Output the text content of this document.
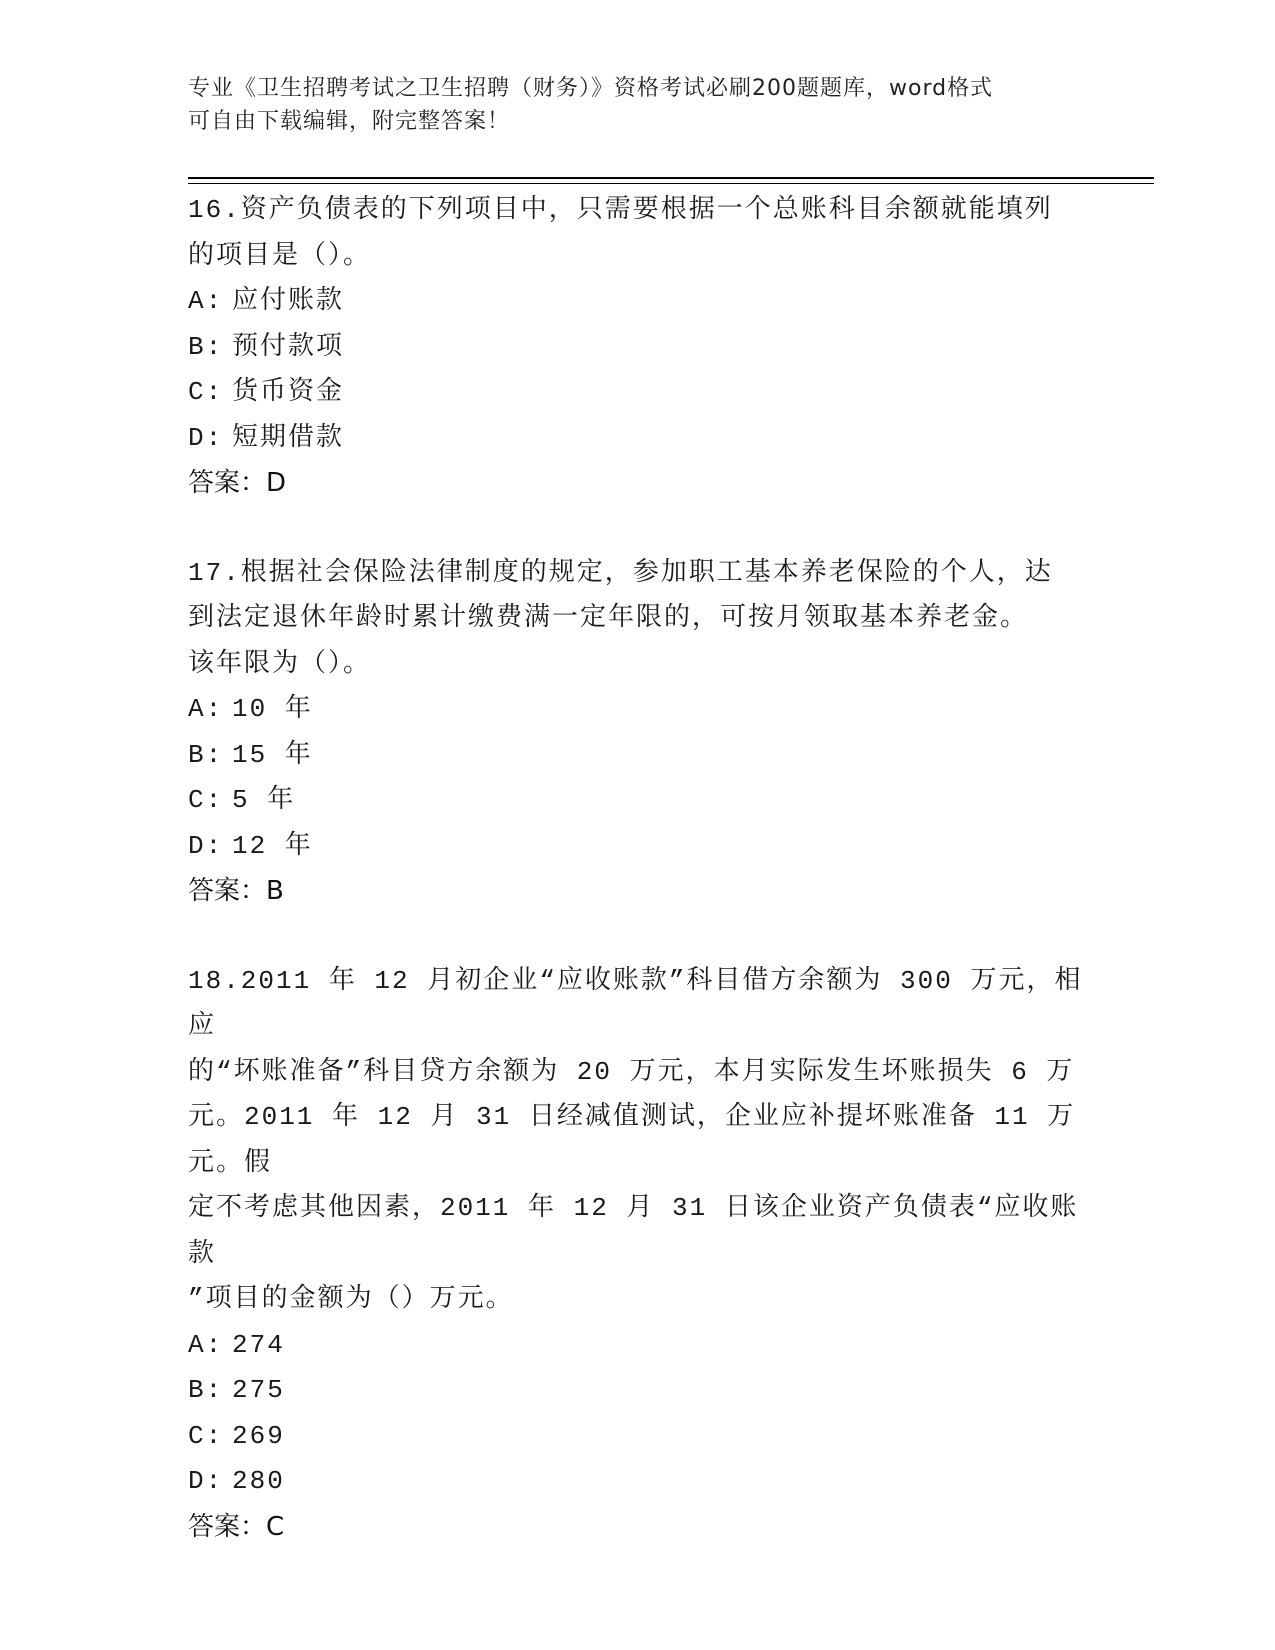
专业《卫生招聘考试之卫生招聘（财务）》资格考试必刷200题题库，word格式
可自由下载编辑，附完整答案！
16.资产负债表的下列项目中，只需要根据一个总账科目余额就能填列
的项目是（）。
A: 应付账款
B: 预付款项
C: 货币资金
D: 短期借款
答案：D
17.根据社会保险法律制度的规定，参加职工基本养老保险的个人，达
到法定退休年龄时累计缴费满一定年限的，可按月领取基本养老金。
该年限为（）。
A: 10 年
B: 15 年
C: 5 年
D: 12 年
答案：B
18.2011 年 12 月初企业“应收账款”科目借方余额为 300 万元，相应
的“坏账准备”科目贷方余额为 20 万元，本月实际发生坏账损失 6 万
元。2011 年 12 月 31 日经减值测试，企业应补提坏账准备 11 万元。假
定不考虑其他因素，2011 年 12 月 31 日该企业资产负债表“应收账款
”项目的金额为（）万元。
A: 274
B: 275
C: 269
D: 280
答案：C
